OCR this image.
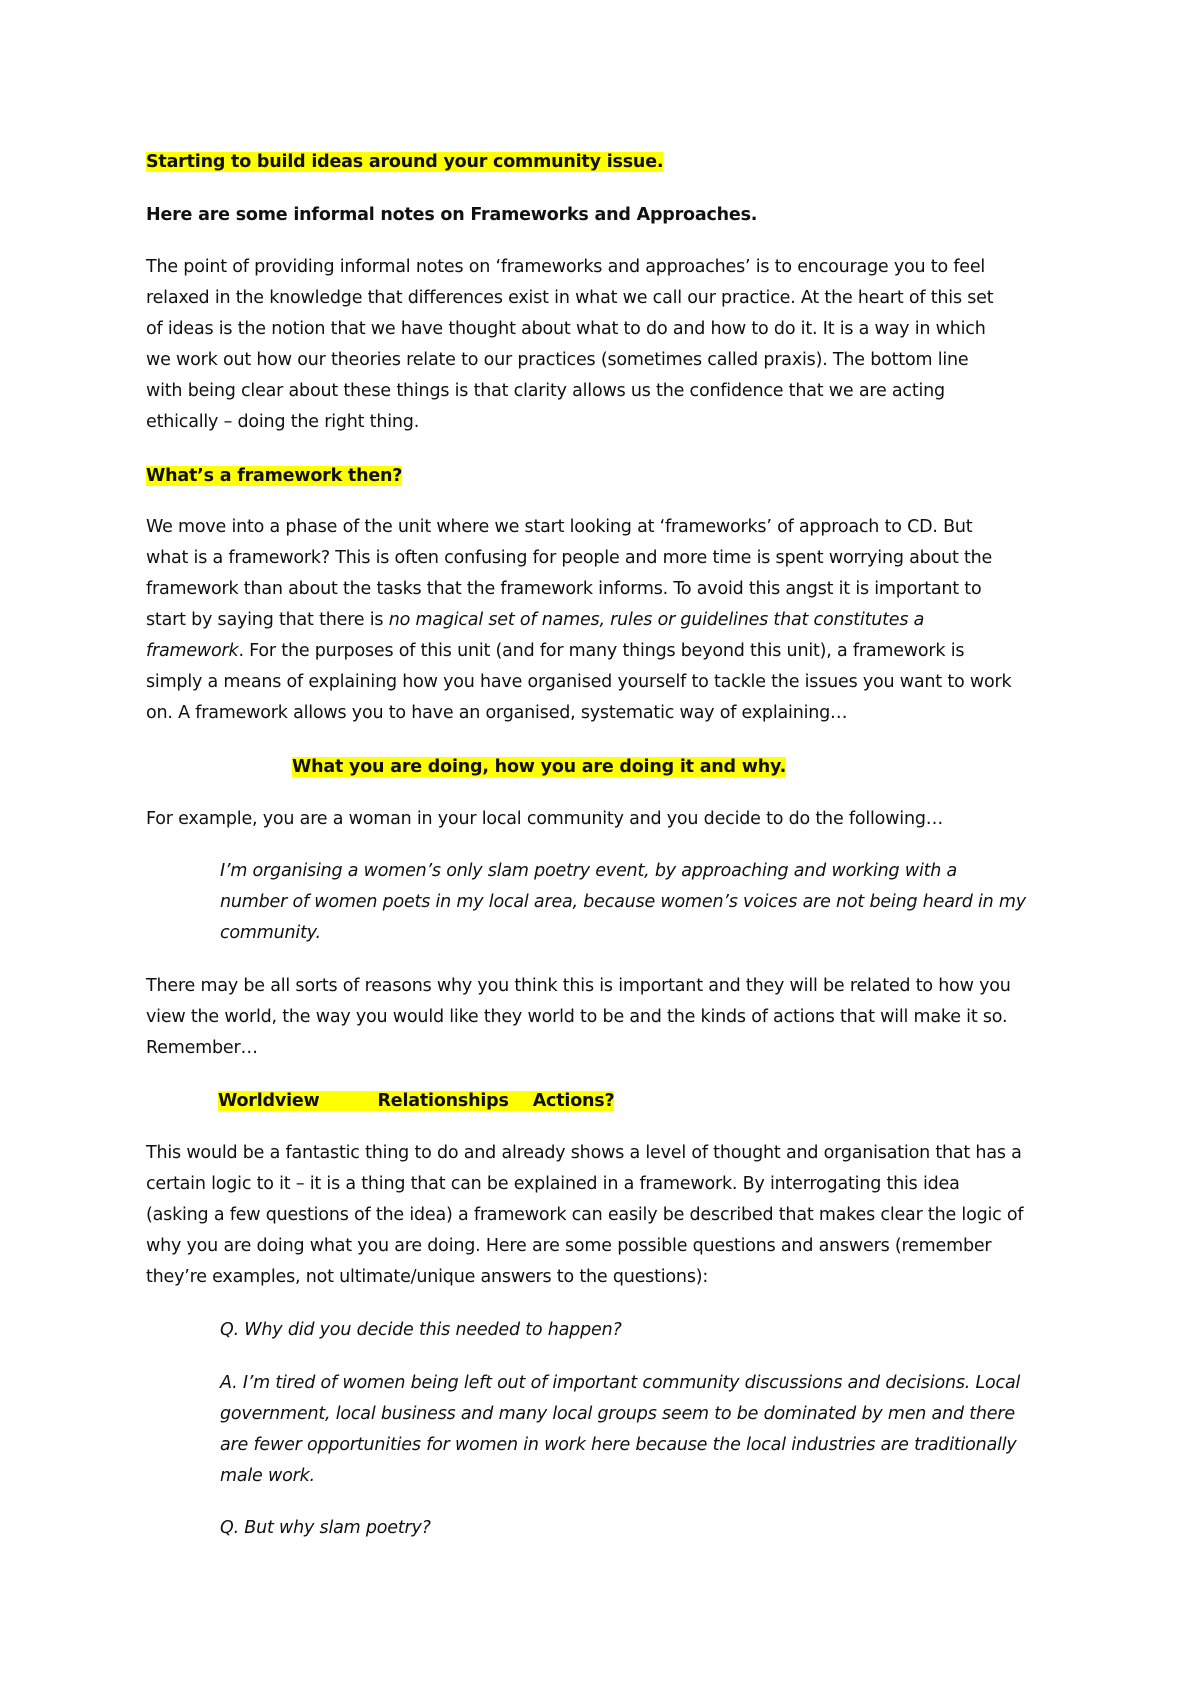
Starting to build ideas around your community issue.

Here are some informal notes on Frameworks and Approaches.

The point of providing informal notes on ‘frameworks and approaches’ is to encourage you to feel

relaxed in the knowledge that differences exist in what we call our practice. At the heart of this set

of ideas is the notion that we have thought about what to do and how to do it. It is a way in which

we work out how our theories relate to our practices (sometimes called praxis). The bottom line

with being clear about these things is that clarity allows us the confidence that we are acting

ethically – doing the right thing.

What’s a framework then?

We move into a phase of the unit where we start looking at ‘frameworks’ of approach to CD. But

what is a framework? This is often confusing for people and more time is spent worrying about the

framework than about the tasks that the framework informs. To avoid this angst it is important to

start by saying that there is no magical set of names, rules or guidelines that constitutes a

framework. For the purposes of this unit (and for many things beyond this unit), a framework is

simply a means of explaining how you have organised yourself to tackle the issues you want to work

on. A framework allows you to have an organised, systematic way of explaining…

What you are doing, how you are doing it and why.

For example, you are a woman in your local community and you decide to do the following…

I’m organising a women’s only slam poetry event, by approaching and working with a

number of women poets in my local area, because women’s voices are not being heard in my

community.

There may be all sorts of reasons why you think this is important and they will be related to how you

view the world, the way you would like they world to be and the kinds of actions that will make it so.

Remember…

Worldview	Relationships Actions?

This would be a fantastic thing to do and already shows a level of thought and organisation that has a

certain logic to it – it is a thing that can be explained in a framework. By interrogating this idea

(asking a few questions of the idea) a framework can easily be described that makes clear the logic of

why you are doing what you are doing. Here are some possible questions and answers (remember

they’re examples, not ultimate/unique answers to the questions):

Q. Why did you decide this needed to happen?

A. I’m tired of women being left out of important community discussions and decisions. Local

government, local business and many local groups seem to be dominated by men and there

are fewer opportunities for women in work here because the local industries are traditionally

male work.

Q. But why slam poetry?
